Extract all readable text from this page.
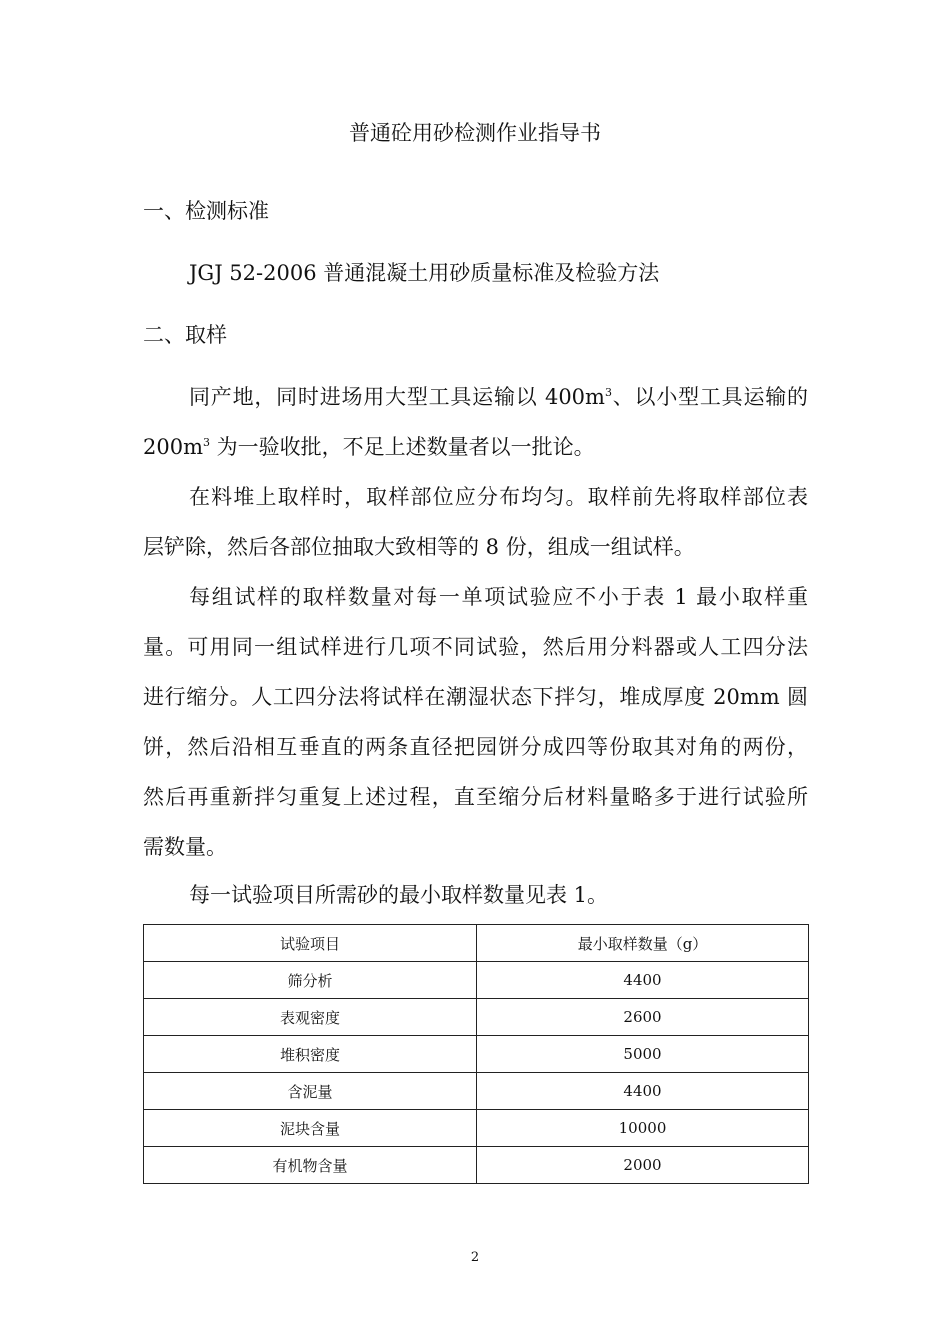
普通砼用砂检测作业指导书
一、检测标准
JGJ 52-2006 普通混凝土用砂质量标准及检验方法
二、取样
同产地，同时进场用大型工具运输以 $400m^3$、以小型工具运输的
$200m^3$ 为一验收批，不足上述数量者以一批论。
在料堆上取样时，取样部位应分布均匀。取样前先将取样部位表
层铲除，然后各部位抽取大致相等的 8 份，组成一组试样。
每组试样的取样数量对每一单项试验应不小于表 1 最小取样重
量。可用同一组试样进行几项不同试验，然后用分料器或人工四分法
进行缩分。人工四分法将试样在潮湿状态下拌匀，堆成厚度 20mm 圆
饼，然后沿相互垂直的两条直径把园饼分成四等份取其对角的两份，
然后再重新拌匀重复上述过程，直至缩分后材料量略多于进行试验所
需数量。
每一试验项目所需砂的最小取样数量见表 1。
试验项目	最小取样数量（g）
筛分析	4400
表观密度	2600
堆积密度	5000
含泥量	4400
泥块含量	10000
有机物含量	2000
2
